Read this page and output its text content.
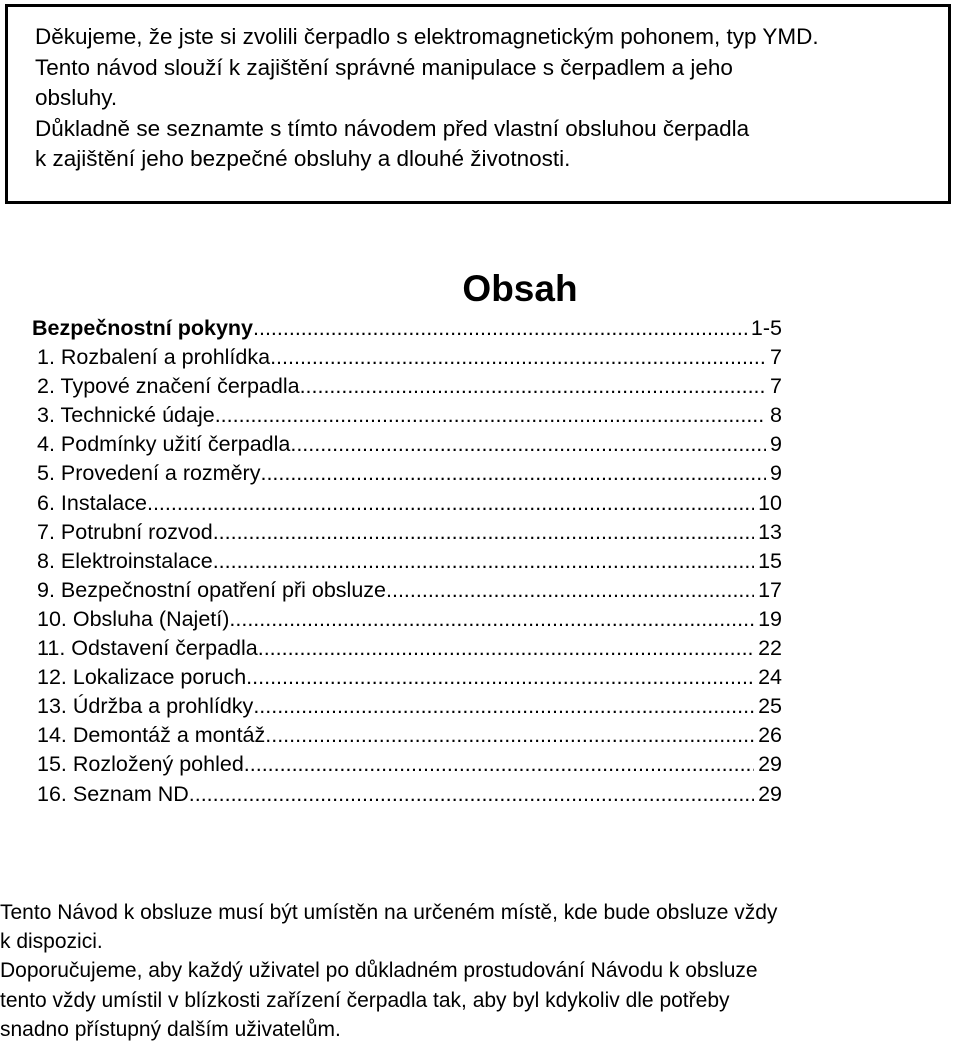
Děkujeme, že jste si zvolili čerpadlo s elektromagnetickým pohonem, typ YMD.

Tento návod slouží k zajištění správné manipulace s čerpadlem a jeho

obsluhy.

Důkladně se seznamte s tímto návodem před vlastní obsluhou čerpadla

k zajištění jeho bezpečné obsluhy a dlouhé životnosti.

Obsah
Bezpečnostní pokyny .....	1-5
1. Rozbalení a prohlídka .....	7
2. Typové značení čerpadla .....	7
3. Technické údaje .....	8
4. Podmínky užití čerpadla .....	9
5. Provedení a rozměry .....	9
6. Instalace .....	10
7. Potrubní rozvod .....	13
8. Elektroinstalace .....	15
9. Bezpečnostní opatření při obsluze .....	17
10. Obsluha (Najetí) .....	19
11. Odstavení čerpadla .....	22
12. Lokalizace poruch .....	24
13. Údržba a prohlídky .....	25
14. Demontáž a montáž .....	26
15. Rozložený pohled .....	29
16. Seznam ND .....	29

Tento Návod k obsluze musí být umístěn na určeném místě, kde bude obsluze vždy

k dispozici.

Doporučujeme, aby každý uživatel po důkladném prostudování Návodu k obsluze

tento vždy umístil v blízkosti zařízení čerpadla tak, aby byl kdykoliv dle potřeby

snadno přístupný dalším uživatelům.
